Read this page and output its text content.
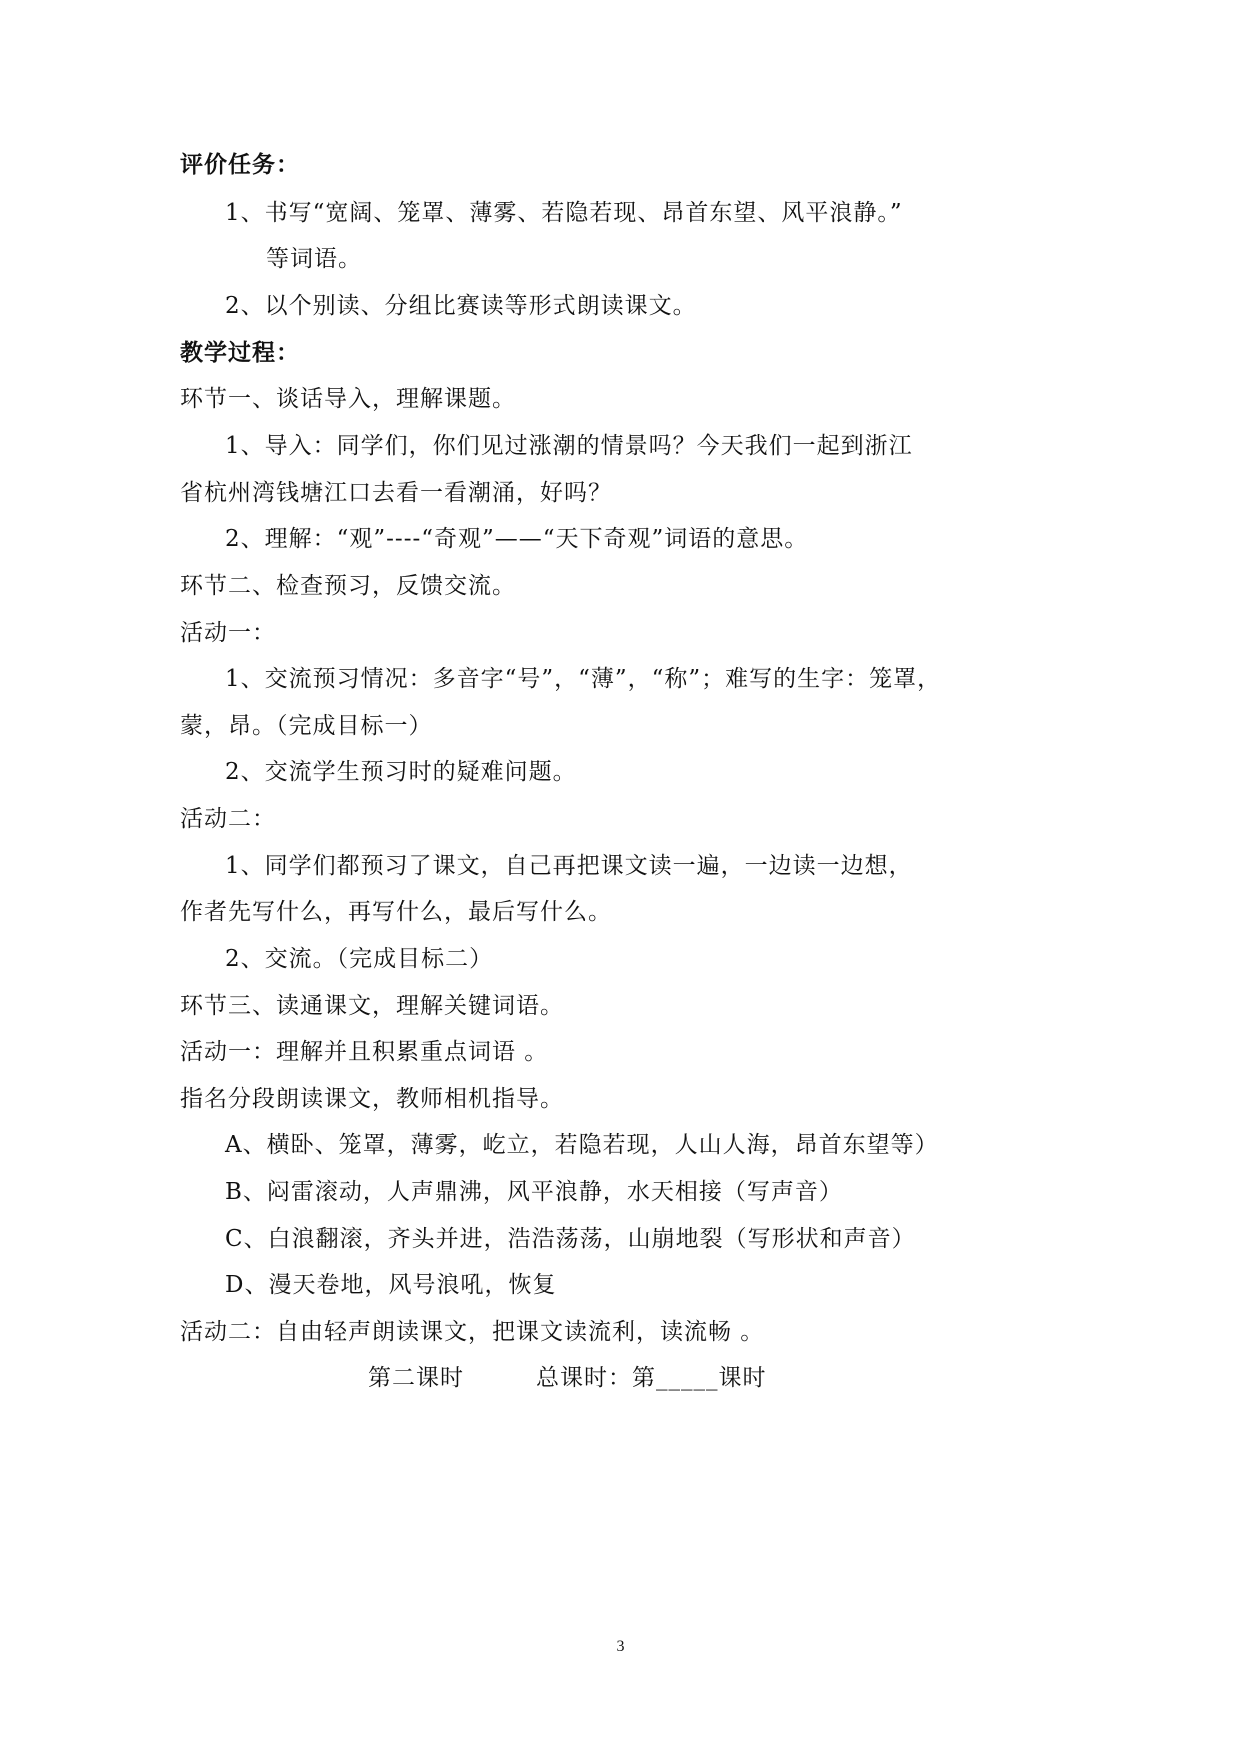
评价任务：
1、书写“宽阔、笼罩、薄雾、若隐若现、昂首东望、风平浪静。”
等词语。
2、以个别读、分组比赛读等形式朗读课文。
教学过程：
环节一、谈话导入，理解课题。
1、导入：同学们，你们见过涨潮的情景吗？今天我们一起到浙江
省杭州湾钱塘江口去看一看潮涌，好吗？
2、理解：“观”----“奇观”——“天下奇观”词语的意思。
环节二、检查预习，反馈交流。
活动一：
1、交流预习情况：多音字“号”，“薄”，“称”；难写的生字：笼罩，
蒙，昂。（完成目标一）
2、交流学生预习时的疑难问题。
活动二：
1、同学们都预习了课文，自己再把课文读一遍，一边读一边想，
作者先写什么，再写什么，最后写什么。
2、交流。（完成目标二）
环节三、读通课文，理解关键词语。
活动一：理解并且积累重点词语 。
指名分段朗读课文，教师相机指导。
A、横卧、笼罩，薄雾，屹立，若隐若现，人山人海，昂首东望等）
B、闷雷滚动，人声鼎沸，风平浪静，水天相接（写声音）
C、白浪翻滚，齐头并进，浩浩荡荡，山崩地裂（写形状和声音）
D、漫天卷地，风号浪吼，恢复
活动二：自由轻声朗读课文，把课文读流利，读流畅 。
第二课时　　　总课时：第_____课时
3
